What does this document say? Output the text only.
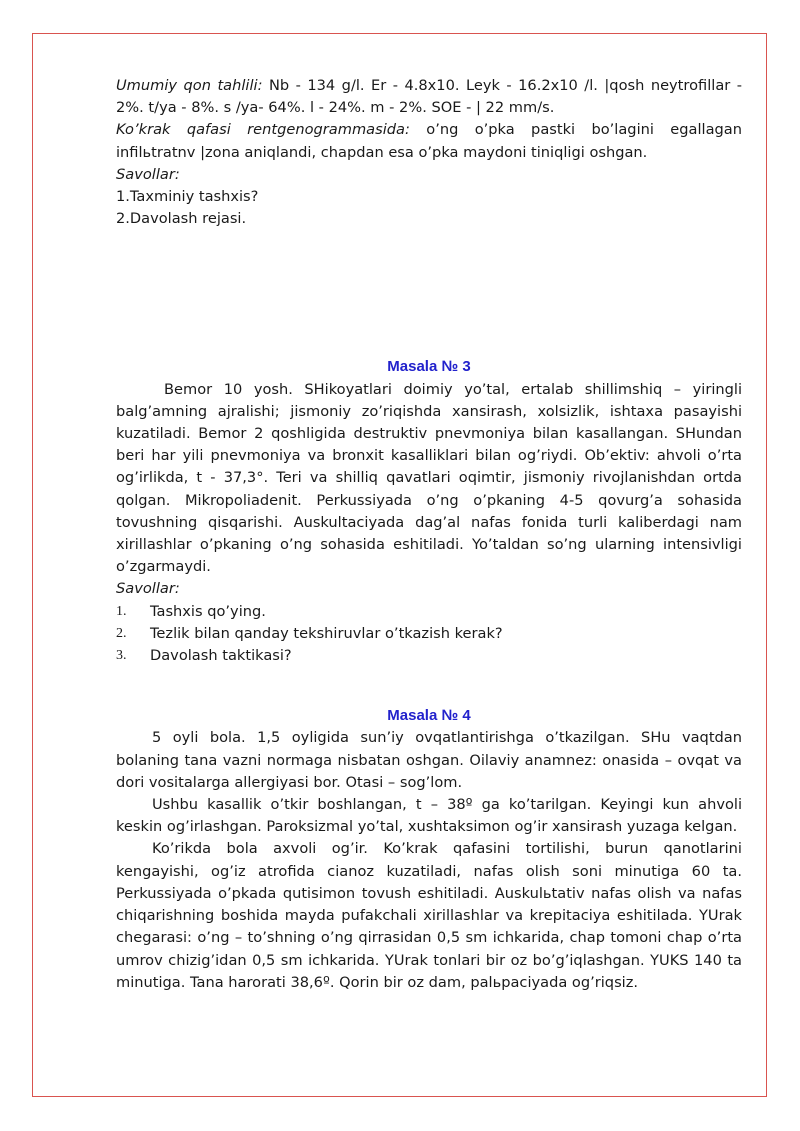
Umumiy qon tahlili: Nb - 134 g/l. Er - 4.8x10. Leyk - 16.2x10 /l. |qosh neytrofillar - 2%. t/ya - 8%. s /ya- 64%. l - 24%. m - 2%. SOE - | 22 mm/s.

Ko’krak qafasi rentgenogrammasida: o’ng o’pka pastki bo’lagini egallagan infilьtratnv |zona aniqlandi, chapdan esa o’pka maydoni tiniqligi oshgan.

Savollar:

1.Taxminiy tashxis?

2.Davolash rejasi.

Masala № 3

Bemor 10 yosh. SHikoyatlari doimiy yo’tal, ertalab shillimshiq – yiringli balg’amning ajralishi; jismoniy zo’riqishda xansirash, xolsizlik, ishtaxa pasayishi kuzatiladi. Bemor 2 qoshligida destruktiv pnevmoniya bilan kasallangan. SHundan beri har yili pnevmoniya va bronxit kasalliklari bilan og’riydi. Ob’ektiv: ahvoli o’rta og’irlikda, t - 37,3°. Teri va shilliq qavatlari oqimtir, jismoniy rivojlanishdan ortda qolgan. Mikropoliadenit. Perkussiyada o’ng o’pkaning 4-5 qovurg’a sohasida tovushning qisqarishi. Auskultaciyada dag’al nafas fonida turli kaliberdagi nam xirillashlar o’pkaning o’ng sohasida eshitiladi. Yo’taldan so’ng ularning intensivligi o’zgarmaydi.

Savollar:

1.	Tashxis qo’ying.
2.	Tezlik bilan qanday tekshiruvlar o’tkazish kerak?
3.	Davolash taktikasi?

Masala № 4

5 oyli bola. 1,5 oyligida sun’iy ovqatlantirishga o’tkazilgan. SHu vaqtdan bolaning tana vazni normaga nisbatan oshgan. Oilaviy anamnez: onasida – ovqat va dori vositalarga allergiyasi bor. Otasi – sog’lom.

Ushbu kasallik o’tkir boshlangan, t – 38º ga ko’tarilgan. Keyingi kun ahvoli keskin og’irlashgan. Paroksizmal yo’tal, xushtaksimon og’ir xansirash yuzaga kelgan.

Ko’rikda bola axvoli og’ir. Ko’krak qafasini tortilishi, burun qanotlarini kengayishi, og’iz atrofida cianoz kuzatiladi, nafas olish soni minutiga 60 ta. Perkussiyada o’pkada qutisimon tovush eshitiladi. Auskulьtativ nafas olish va nafas chiqarishning boshida mayda pufakchali xirillashlar va krepitaciya eshitilada. YUrak chegarasi: o’ng – to’shning o’ng qirrasidan 0,5 sm ichkarida, chap tomoni chap o’rta umrov chizig’idan 0,5 sm ichkarida. YUrak tonlari bir oz bo’g’iqlashgan. YUKS 140 ta minutiga. Tana harorati 38,6º. Qorin bir oz dam, palьpaciyada og’riqsiz.
